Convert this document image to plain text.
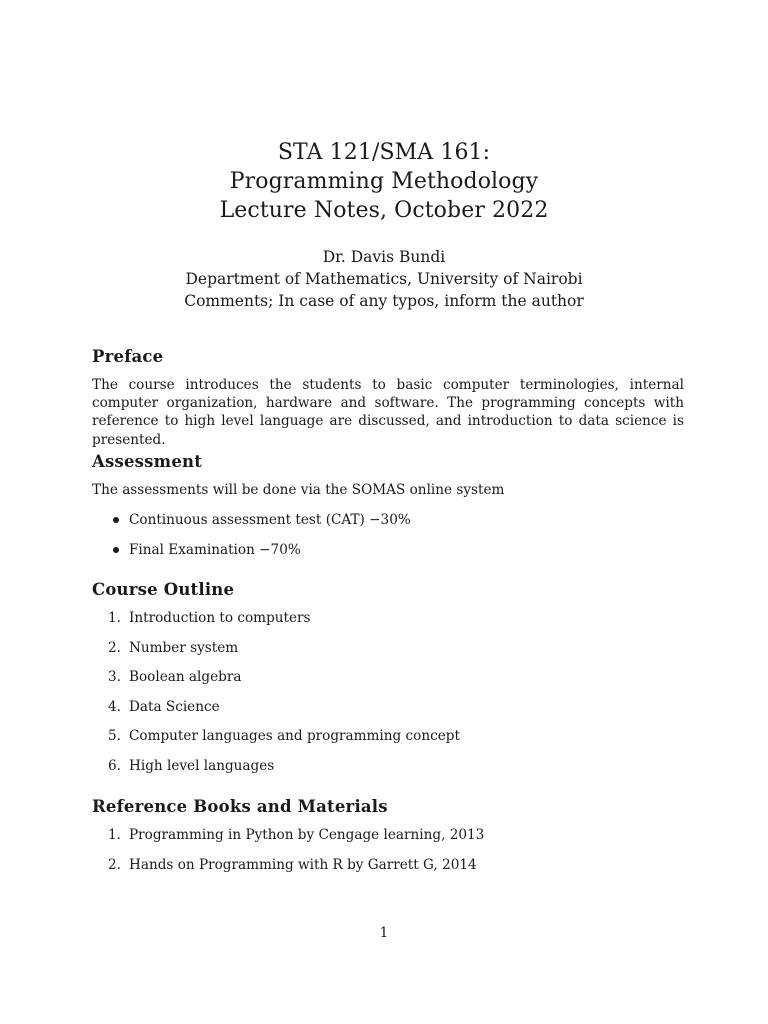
STA 121/SMA 161:
Programming Methodology
Lecture Notes, October 2022
Dr. Davis Bundi
Department of Mathematics, University of Nairobi
Comments; In case of any typos, inform the author
Preface
The course introduces the students to basic computer terminologies, internal computer organization, hardware and software. The programming concepts with reference to high level language are discussed, and introduction to data science is presented.
Assessment
The assessments will be done via the SOMAS online system
Continuous assessment test (CAT) −30%
Final Examination −70%
Course Outline
1. Introduction to computers
2. Number system
3. Boolean algebra
4. Data Science
5. Computer languages and programming concept
6. High level languages
Reference Books and Materials
1. Programming in Python by Cengage learning, 2013
2. Hands on Programming with R by Garrett G, 2014
1
